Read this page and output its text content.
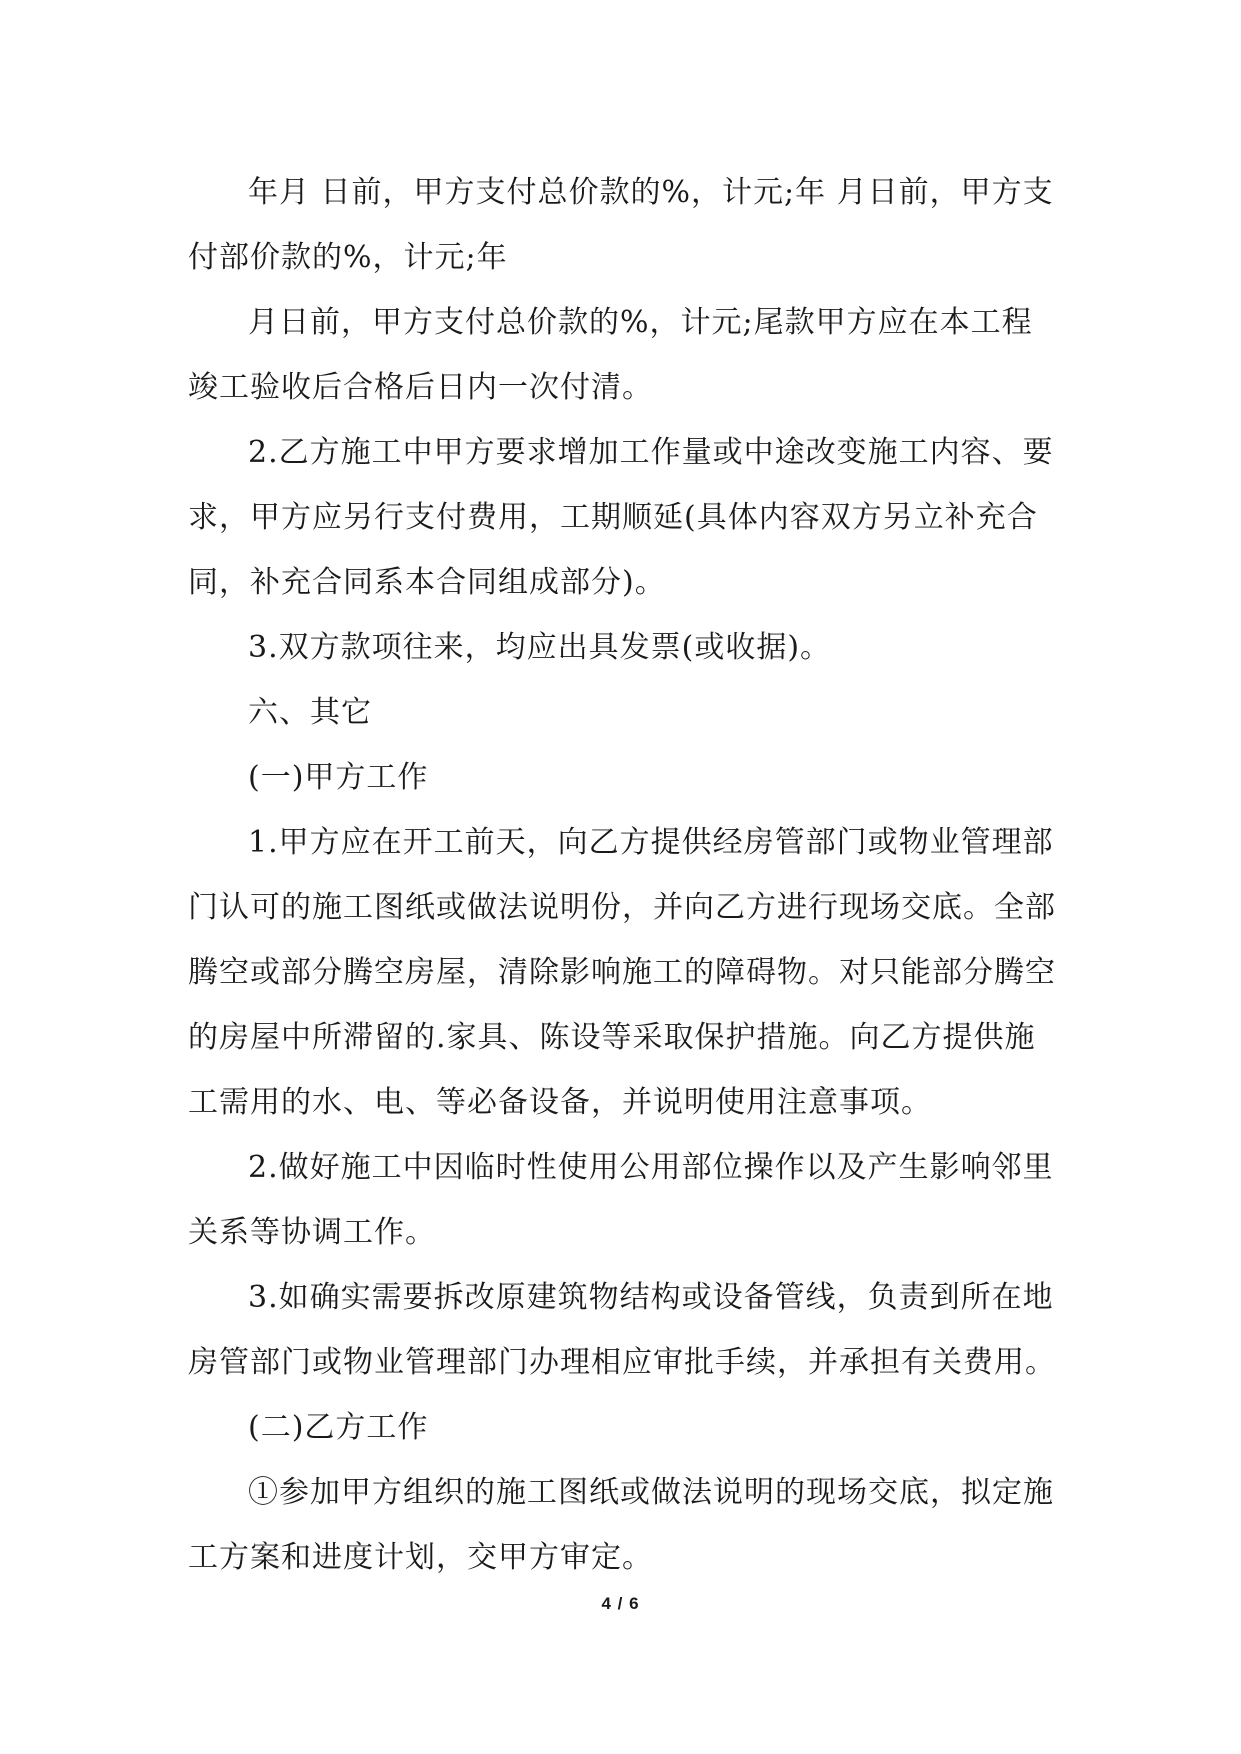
年月 日前，甲方支付总价款的%，计元;年 月日前，甲方支付部价款的%，计元;年

月日前，甲方支付总价款的%，计元;尾款甲方应在本工程竣工验收后合格后日内一次付清。

2.乙方施工中甲方要求增加工作量或中途改变施工内容、要求，甲方应另行支付费用，工期顺延(具体内容双方另立补充合同，补充合同系本合同组成部分)。

3.双方款项往来，均应出具发票(或收据)。

六、其它

(一)甲方工作

1.甲方应在开工前天，向乙方提供经房管部门或物业管理部门认可的施工图纸或做法说明份，并向乙方进行现场交底。全部腾空或部分腾空房屋，清除影响施工的障碍物。对只能部分腾空的房屋中所滞留的.家具、陈设等采取保护措施。向乙方提供施工需用的水、电、等必备设备，并说明使用注意事项。

2.做好施工中因临时性使用公用部位操作以及产生影响邻里关系等协调工作。

3.如确实需要拆改原建筑物结构或设备管线，负责到所在地房管部门或物业管理部门办理相应审批手续，并承担有关费用。

(二)乙方工作

①参加甲方组织的施工图纸或做法说明的现场交底，拟定施工方案和进度计划，交甲方审定。

4 / 6
